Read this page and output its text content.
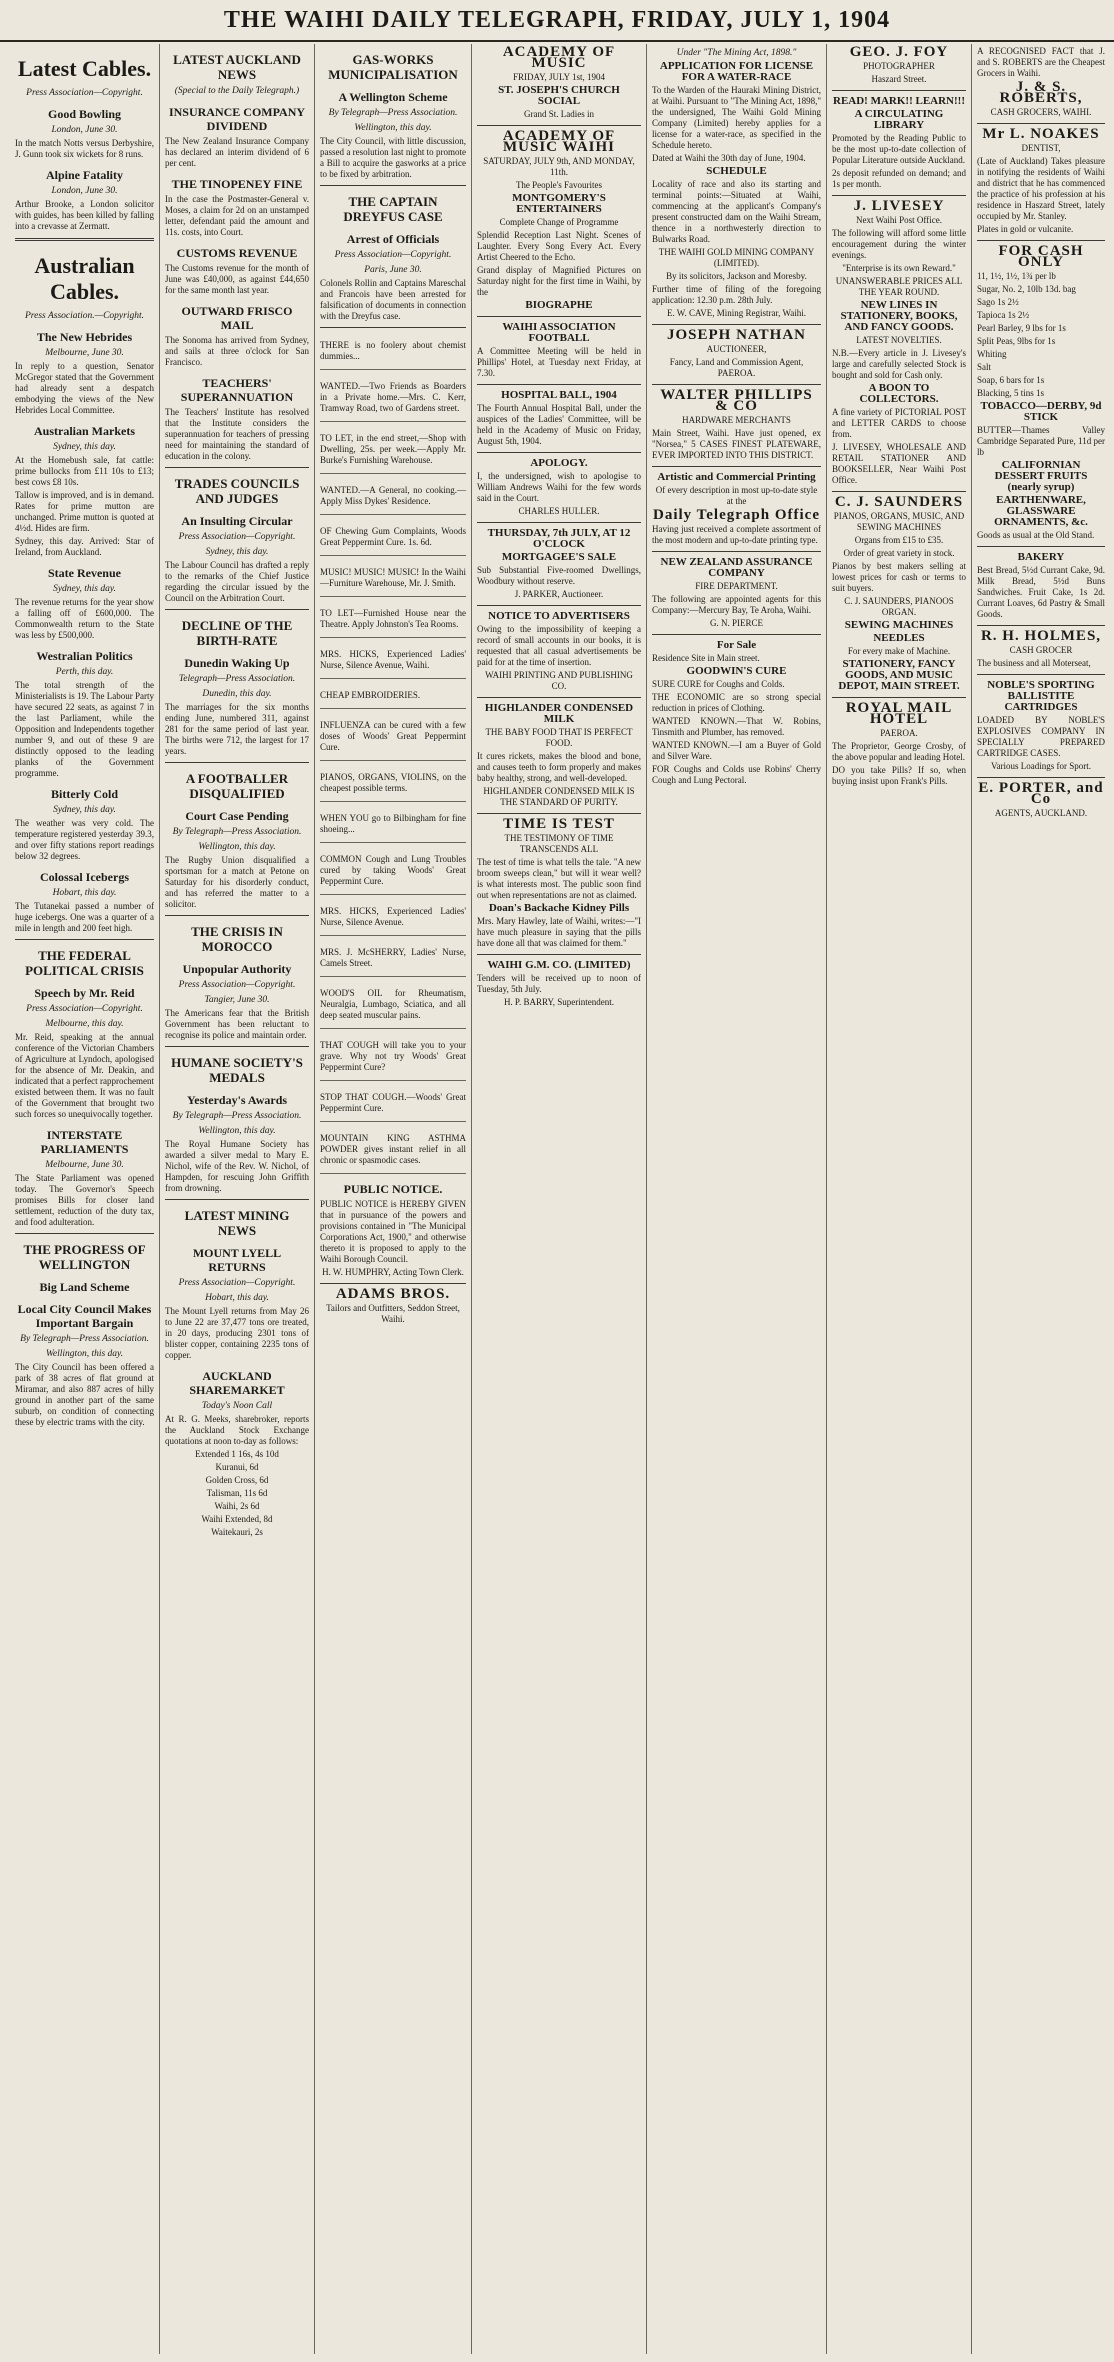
THE WAIHI DAILY TELEGRAPH, FRIDAY, JULY 1, 1904
Latest Cables.
Press Association—Copyright.
Good Bowling
London, June 30.

In the match Notts versus Derbyshire, J. Gunn took six wickets for 8 runs.

Alpine Fatality
London, June 30.

Arthur Brooke, a London solicitor with guides, has been killed by falling into a crevasse at Zermatt.

Australian Cables.
Press Association.—Copyright.
The New Hebrides
Melbourne, June 30.

In reply to a question, Senator McGregor stated that the Government had already sent a despatch embodying the views of the New Hebrides Local Committee.

Australian Markets
Sydney, this day.

At the Homebush sale, fat cattle: prime bullocks from £11 10s to £13; best cows £8 10s.

Tallow is improved, and is in demand. Rates for prime mutton are unchanged. Prime mutton is quoted at 4½d. Hides are firm.

Sydney, this day. Arrived: Star of Ireland, from Auckland.

State Revenue
Sydney, this day.

The revenue returns for the year show a falling off of £600,000. The Commonwealth return to the State was less by £500,000.

Westralian Politics
Perth, this day.

The total strength of the Ministerialists is 19. The Labour Party have secured 22 seats, as against 7 in the last Parliament, while the Opposition and Independents together number 9, and out of these 9 are distinctly opposed to the leading planks of the Government programme.

Bitterly Cold
Sydney, this day.

The weather was very cold. The temperature registered yesterday 39.3, and over fifty stations report readings below 32 degrees.

Colossal Icebergs
Hobart, this day.

The Tutanekai passed a number of huge icebergs. One was a quarter of a mile in length and 200 feet high.

THE FEDERAL POLITICAL CRISIS
Speech by Mr. Reid
Press Association—Copyright.
Melbourne, this day.

Mr. Reid, speaking at the annual conference of the Victorian Chambers of Agriculture at Lyndoch, apologised for the absence of Mr. Deakin, and indicated that a perfect rapprochement existed between them. It was no fault of the Government that brought two such forces so unequivocally together.

INTERSTATE PARLIAMENTS
Melbourne, June 30.

The State Parliament was opened today. The Governor's Speech promises Bills for closer land settlement, reduction of the duty tax, and food adulteration.

THE PROGRESS OF WELLINGTON
Big Land Scheme
Local City Council Makes Important Bargain
By Telegraph—Press Association.
Wellington, this day.

The City Council has been offered a park of 38 acres of flat ground at Miramar, and also 887 acres of hilly ground in another part of the same suburb, on condition of connecting these by electric trams with the city.

LATEST AUCKLAND NEWS
(Special to the Daily Telegraph.)
INSURANCE COMPANY DIVIDEND

The New Zealand Insurance Company has declared an interim dividend of 6 per cent.

THE TINOPENEY FINE

In the case the Postmaster-General v. Moses, a claim for 2d on an unstamped letter, defendant paid the amount and 11s. costs, into Court.

CUSTOMS REVENUE

The Customs revenue for the month of June was £40,000, as against £44,650 for the same month last year.

OUTWARD FRISCO MAIL

The Sonoma has arrived from Sydney, and sails at three o'clock for San Francisco.

TEACHERS' SUPERANNUATION

The Teachers' Institute has resolved that the Institute considers the superannuation for teachers of pressing need for maintaining the standard of education in the colony.

TRADES COUNCILS AND JUDGES
An Insulting Circular
Press Association—Copyright.
Sydney, this day.

The Labour Council has drafted a reply to the remarks of the Chief Justice regarding the circular issued by the Council on the Arbitration Court.

DECLINE OF THE BIRTH-RATE
Dunedin Waking Up
Telegraph—Press Association.
Dunedin, this day.

The marriages for the six months ending June, numbered 311, against 281 for the same period of last year. The births were 712, the largest for 17 years.

A FOOTBALLER DISQUALIFIED
Court Case Pending
By Telegraph—Press Association.
Wellington, this day.

The Rugby Union disqualified a sportsman for a match at Petone on Saturday for his disorderly conduct, and has referred the matter to a solicitor.

THE CRISIS IN MOROCCO
Unpopular Authority
Press Association—Copyright.
Tangier, June 30.

The Americans fear that the British Government has been reluctant to recognise its police and maintain order.

HUMANE SOCIETY'S MEDALS
Yesterday's Awards
By Telegraph—Press Association.
Wellington, this day.

The Royal Humane Society has awarded a silver medal to Mary E. Nichol, wife of the Rev. W. Nichol, of Hampden, for rescuing John Griffith from drowning.

LATEST MINING NEWS
MOUNT LYELL RETURNS
Press Association—Copyright.
Hobart, this day.

The Mount Lyell returns from May 26 to June 22 are 37,477 tons ore treated, in 20 days, producing 2301 tons of blister copper, containing 2235 tons of copper.

AUCKLAND SHAREMARKET
Today's Noon Call

At R. G. Meeks, sharebroker, reports the Auckland Stock Exchange quotations at noon to-day as follows:

Extended 1 16s, 4s 10d

Kuranui, 6d

Golden Cross, 6d

Talisman, 11s 6d

Waihi, 2s 6d

Waihi Extended, 8d

Waitekauri, 2s

GAS-WORKS MUNICIPALISATION
A Wellington Scheme
By Telegraph—Press Association.
Wellington, this day.

The City Council, with little discussion, passed a resolution last night to promote a Bill to acquire the gasworks at a price to be fixed by arbitration.

THE CAPTAIN DREYFUS CASE
Arrest of Officials
Press Association—Copyright.
Paris, June 30.

Colonels Rollin and Captains Mareschal and Francois have been arrested for falsification of documents in connection with the Dreyfus case.

THERE is no foolery about chemist dummies...

WANTED.—Two Friends as Boarders in a Private home.—Mrs. C. Kerr, Tramway Road, two of Gardens street.

TO LET, in the end street,—Shop with Dwelling, 25s. per week.—Apply Mr. Burke's Furnishing Warehouse.

WANTED.—A General, no cooking.—Apply Miss Dykes' Residence.

OF Chewing Gum Complaints, Woods Great Peppermint Cure. 1s. 6d.

MUSIC! MUSIC! MUSIC! In the Waihi—Furniture Warehouse, Mr. J. Smith.

TO LET—Furnished House near the Theatre. Apply Johnston's Tea Rooms.

MRS. HICKS, Experienced Ladies' Nurse, Silence Avenue, Waihi.

CHEAP EMBROIDERIES.

INFLUENZA can be cured with a few doses of Woods' Great Peppermint Cure.

PIANOS, ORGANS, VIOLINS, on the cheapest possible terms.

WHEN YOU go to Bilbingham for fine shoeing...

COMMON Cough and Lung Troubles cured by taking Woods' Great Peppermint Cure.

MRS. HICKS, Experienced Ladies' Nurse, Silence Avenue.

MRS. J. McSHERRY, Ladies' Nurse, Camels Street.

WOOD'S OIL for Rheumatism, Neuralgia, Lumbago, Sciatica, and all deep seated muscular pains.

THAT COUGH will take you to your grave. Why not try Woods' Great Peppermint Cure?

STOP THAT COUGH.—Woods' Great Peppermint Cure.

MOUNTAIN KING ASTHMA POWDER gives instant relief in all chronic or spasmodic cases.

PUBLIC NOTICE.

PUBLIC NOTICE is HEREBY GIVEN that in pursuance of the powers and provisions contained in "The Municipal Corporations Act, 1900," and otherwise thereto it is proposed to apply to the Waihi Borough Council.

H. W. HUMPHRY, Acting Town Clerk.

ADAMS BROS.

Tailors and Outfitters, Seddon Street, Waihi.

ACADEMY OF MUSIC

FRIDAY, JULY 1st, 1904

ST. JOSEPH'S CHURCH SOCIAL

Grand St. Ladies in

ACADEMY OF MUSIC WAIHI

SATURDAY, JULY 9th, AND MONDAY, 11th.

The People's Favourites

MONTGOMERY'S ENTERTAINERS

Complete Change of Programme

Splendid Reception Last Night. Scenes of Laughter. Every Song Every Act. Every Artist Cheered to the Echo.

Grand display of Magnified Pictures on Saturday night for the first time in Waihi, by the

BIOGRAPHE
WAIHI ASSOCIATION FOOTBALL

A Committee Meeting will be held in Phillips' Hotel, at Tuesday next Friday, at 7.30.

HOSPITAL BALL, 1904

The Fourth Annual Hospital Ball, under the auspices of the Ladies' Committee, will be held in the Academy of Music on Friday, August 5th, 1904.

APOLOGY.

I, the undersigned, wish to apologise to William Andrews Waihi for the few words said in the Court.

CHARLES HULLER.

THURSDAY, 7th JULY, AT 12 O'CLOCK
MORTGAGEE'S SALE

Sub Substantial Five-roomed Dwellings, Woodbury without reserve.

J. PARKER, Auctioneer.

NOTICE TO ADVERTISERS

Owing to the impossibility of keeping a record of small accounts in our books, it is requested that all casual advertisements be paid for at the time of insertion.

WAIHI PRINTING AND PUBLISHING CO.

HIGHLANDER CONDENSED MILK

THE BABY FOOD THAT IS PERFECT FOOD.

It cures rickets, makes the blood and bone, and causes teeth to form properly and makes baby healthy, strong, and well-developed.

HIGHLANDER CONDENSED MILK IS THE STANDARD OF PURITY.

TIME IS TEST

THE TESTIMONY OF TIME TRANSCENDS ALL

The test of time is what tells the tale. "A new broom sweeps clean," but will it wear well? is what interests most. The public soon find out when representations are not as claimed.

Doan's Backache Kidney Pills

Mrs. Mary Hawley, late of Waihi, writes:—"I have much pleasure in saying that the pills have done all that was claimed for them."

WAIHI G.M. CO. (LIMITED)

Tenders will be received up to noon of Tuesday, 5th July.

H. P. BARRY, Superintendent.

Under "The Mining Act, 1898."
APPLICATION FOR LICENSE FOR A WATER-RACE

To the Warden of the Hauraki Mining District, at Waihi. Pursuant to "The Mining Act, 1898," the undersigned, The Waihi Gold Mining Company (Limited) hereby applies for a license for a water-race, as specified in the Schedule hereto.

Dated at Waihi the 30th day of June, 1904.

SCHEDULE

Locality of race and also its starting and terminal points:—Situated at Waihi, commencing at the applicant's Company's present constructed dam on the Waihi Stream, thence in a northwesterly direction to Bulwarks Road.

THE WAIHI GOLD MINING COMPANY (LIMITED).

By its solicitors, Jackson and Moresby.

Further time of filing of the foregoing application: 12.30 p.m. 28th July.

E. W. CAVE, Mining Registrar, Waihi.

JOSEPH NATHAN

AUCTIONEER,

Fancy, Land and Commission Agent, PAEROA.

WALTER PHILLIPS & CO

HARDWARE MERCHANTS

Main Street, Waihi. Have just opened, ex "Norsea," 5 CASES FINEST PLATEWARE, EVER IMPORTED INTO THIS DISTRICT.

Artistic and Commercial Printing

Of every description in most up-to-date style at the

Daily Telegraph Office

Having just received a complete assortment of the most modern and up-to-date printing type.

NEW ZEALAND ASSURANCE COMPANY

FIRE DEPARTMENT.

The following are appointed agents for this Company:—Mercury Bay, Te Aroha, Waihi.

G. N. PIERCE

For Sale

Residence Site in Main street.

GOODWIN'S CURE

SURE CURE for Coughs and Colds.

THE ECONOMIC are so strong special reduction in prices of Clothing.

WANTED KNOWN.—That W. Robins, Tinsmith and Plumber, has removed.

WANTED KNOWN.—I am a Buyer of Gold and Silver Ware.

FOR Coughs and Colds use Robins' Cherry Cough and Lung Pectoral.

GEO. J. FOY

PHOTOGRAPHER

Haszard Street.

READ! MARK!! LEARN!!!
A CIRCULATING LIBRARY

Promoted by the Reading Public to be the most up-to-date collection of Popular Literature outside Auckland.

2s deposit refunded on demand; and 1s per month.

J. LIVESEY

Next Waihi Post Office.

The following will afford some little encouragement during the winter evenings.

"Enterprise is its own Reward."

UNANSWERABLE PRICES ALL THE YEAR ROUND.

NEW LINES IN STATIONERY, BOOKS, AND FANCY GOODS.

LATEST NOVELTIES.

N.B.—Every article in J. Livesey's large and carefully selected Stock is bought and sold for Cash only.

A BOON TO COLLECTORS.

A fine variety of PICTORIAL POST and LETTER CARDS to choose from.

J. LIVESEY, WHOLESALE AND RETAIL STATIONER AND BOOKSELLER, Near Waihi Post Office.

C. J. SAUNDERS

PIANOS, ORGANS, MUSIC, AND SEWING MACHINES

Organs from £15 to £35.

Order of great variety in stock.

Pianos by best makers selling at lowest prices for cash or terms to suit buyers.

C. J. SAUNDERS, PIANOOS ORGAN.

SEWING MACHINES
NEEDLES

For every make of Machine.

STATIONERY, FANCY GOODS, AND MUSIC DEPOT, MAIN STREET.
ROYAL MAIL HOTEL

PAEROA.

The Proprietor, George Crosby, of the above popular and leading Hotel.

DO you take Pills? If so, when buying insist upon Frank's Pills.

A RECOGNISED FACT that J. and S. ROBERTS are the Cheapest Grocers in Waihi.

J. & S. ROBERTS,

CASH GROCERS, WAIHI.

Mr L. NOAKES

DENTIST,

(Late of Auckland) Takes pleasure in notifying the residents of Waihi and district that he has commenced the practice of his profession at his residence in Haszard Street, lately occupied by Mr. Stanley.

Plates in gold or vulcanite.

FOR CASH ONLY

11, 1½, 1½, 1¾ per lb

Sugar, No. 2, 10lb 13d. bag

Sago 1s 2½

Tapioca 1s 2½

Pearl Barley, 9 lbs for 1s

Split Peas, 9lbs for 1s

Whiting

Salt

Soap, 6 bars for 1s

Blacking, 5 tins 1s

TOBACCO—DERBY, 9d STICK

BUTTER—Thames Valley Cambridge Separated Pure, 11d per lb

CALIFORNIAN DESSERT FRUITS (nearly syrup)
EARTHENWARE, GLASSWARE ORNAMENTS, &c.

Goods as usual at the Old Stand.

BAKERY

Best Bread, 5½d Currant Cake, 9d. Milk Bread, 5½d Buns Sandwiches. Fruit Cake, 1s 2d. Currant Loaves, 6d Pastry & Small Goods.

R. H. HOLMES,

CASH GROCER

The business and all Moterseat,

NOBLE'S SPORTING BALLISTITE CARTRIDGES

LOADED BY NOBLE'S EXPLOSIVES COMPANY IN SPECIALLY PREPARED CARTRIDGE CASES.

Various Loadings for Sport.

E. PORTER, and Co

AGENTS, AUCKLAND.
